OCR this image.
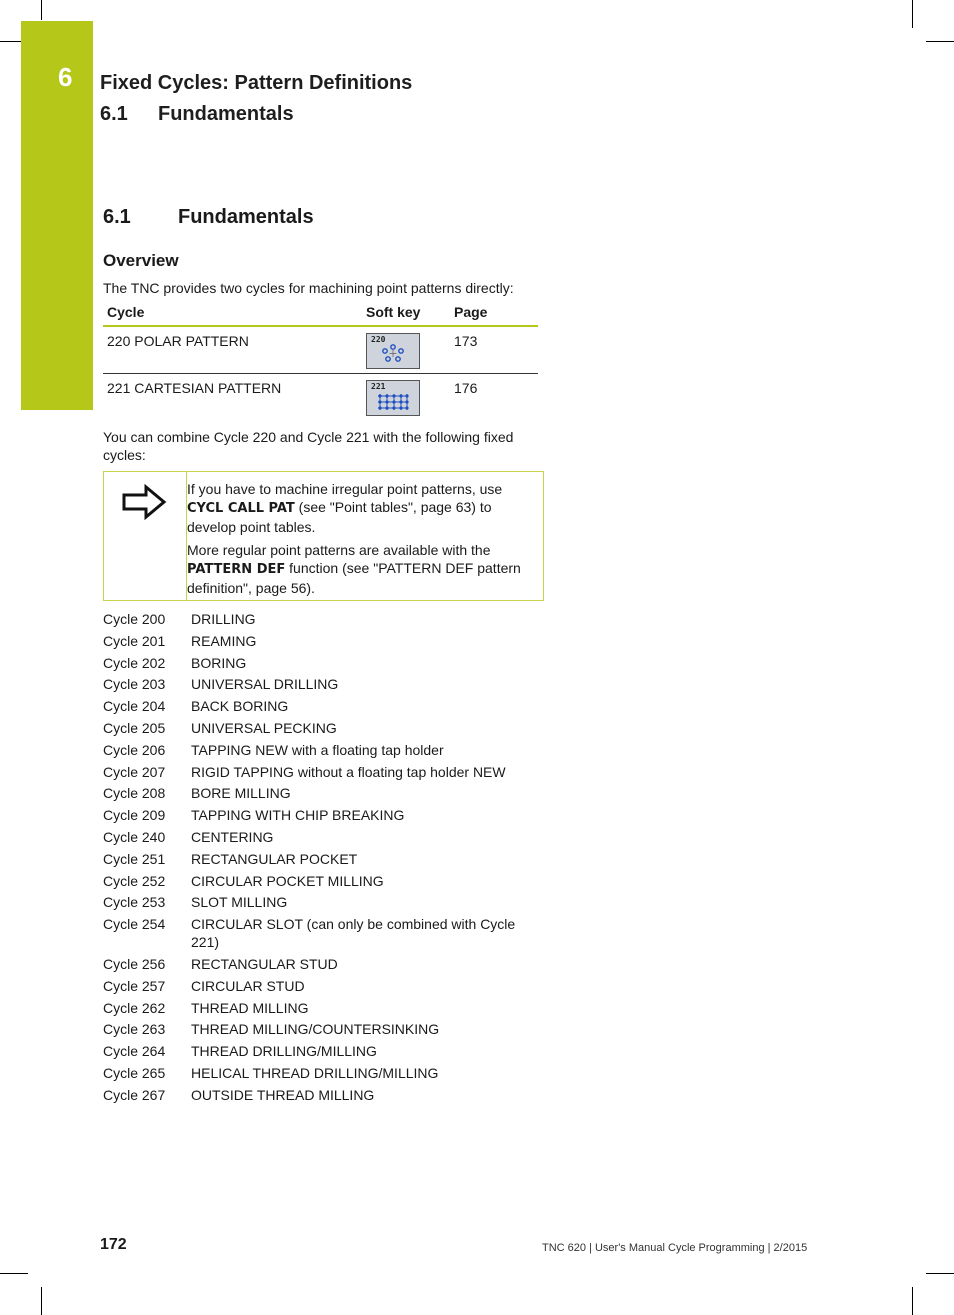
6 Fixed Cycles: Pattern Definitions
6.1 Fundamentals
6.1 Fundamentals
Overview
The TNC provides two cycles for machining point patterns directly:
Cycle	Soft key	Page
220 POLAR PATTERN	220	173
221 CARTESIAN PATTERN	221	176
You can combine Cycle 220 and Cycle 221 with the following fixed cycles:

If you have to machine irregular point patterns, use CYCL CALL PAT (see "Point tables", page 63) to develop point tables.

More regular point patterns are available with the PATTERN DEF function (see "PATTERN DEF pattern definition", page 56).

Cycle 200	DRILLING
Cycle 201	REAMING
Cycle 202	BORING
Cycle 203	UNIVERSAL DRILLING
Cycle 204	BACK BORING
Cycle 205	UNIVERSAL PECKING
Cycle 206	TAPPING NEW with a floating tap holder
Cycle 207	RIGID TAPPING without a floating tap holder NEW
Cycle 208	BORE MILLING
Cycle 209	TAPPING WITH CHIP BREAKING
Cycle 240	CENTERING
Cycle 251	RECTANGULAR POCKET
Cycle 252	CIRCULAR POCKET MILLING
Cycle 253	SLOT MILLING
Cycle 254	CIRCULAR SLOT (can only be combined with Cycle 221)
Cycle 256	RECTANGULAR STUD
Cycle 257	CIRCULAR STUD
Cycle 262	THREAD MILLING
Cycle 263	THREAD MILLING/COUNTERSINKING
Cycle 264	THREAD DRILLING/MILLING
Cycle 265	HELICAL THREAD DRILLING/MILLING
Cycle 267	OUTSIDE THREAD MILLING
172	TNC 620 | User's Manual Cycle Programming | 2/2015
